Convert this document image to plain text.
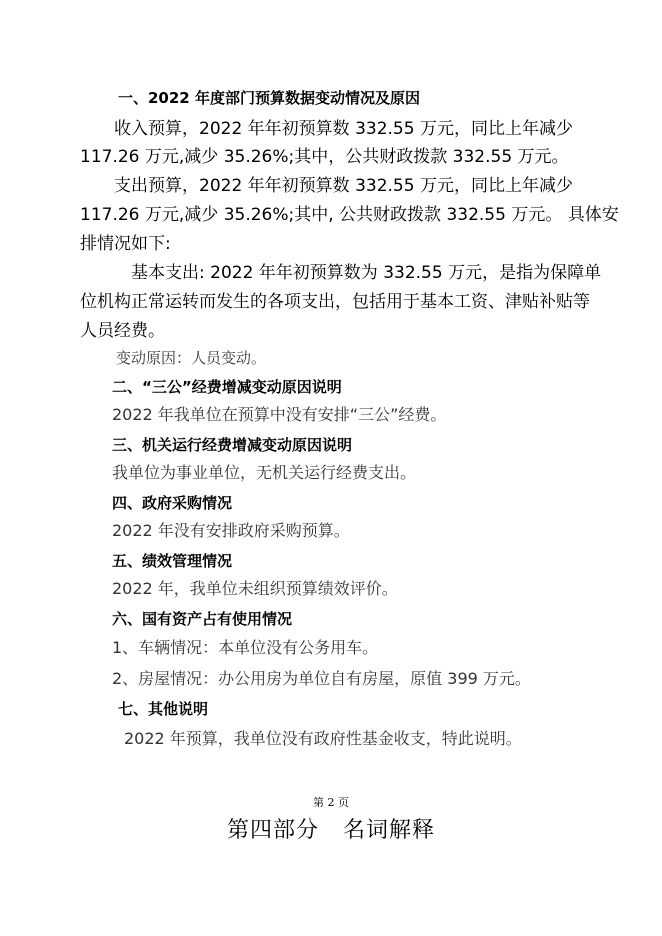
一、2022 年度部门预算数据变动情况及原因
收入预算，2022 年年初预算数 332.55 万元，同比上年减少
117.26 万元,减少 35.26%;其中，公共财政拨款 332.55 万元。
支出预算，2022 年年初预算数 332.55 万元，同比上年减少
117.26 万元,减少 35.26%;其中, 公共财政拨款 332.55 万元。 具体安
排情况如下:
基本支出: 2022 年年初预算数为 332.55 万元，是指为保障单
位机构正常运转而发生的各项支出，包括用于基本工资、津贴补贴等
人员经费。
变动原因：人员变动。
二、“三公”经费增减变动原因说明
2022 年我单位在预算中没有安排“三公”经费。
三、机关运行经费增减变动原因说明
我单位为事业单位，无机关运行经费支出。
四、政府采购情况
2022 年没有安排政府采购预算。
五、绩效管理情况
2022 年，我单位未组织预算绩效评价。
六、国有资产占有使用情况
1、车辆情况：本单位没有公务用车。
2、房屋情况：办公用房为单位自有房屋，原值 399 万元。
七、其他说明
2022 年预算，我单位没有政府性基金收支，特此说明。
第 2 页
第四部分 名词解释
